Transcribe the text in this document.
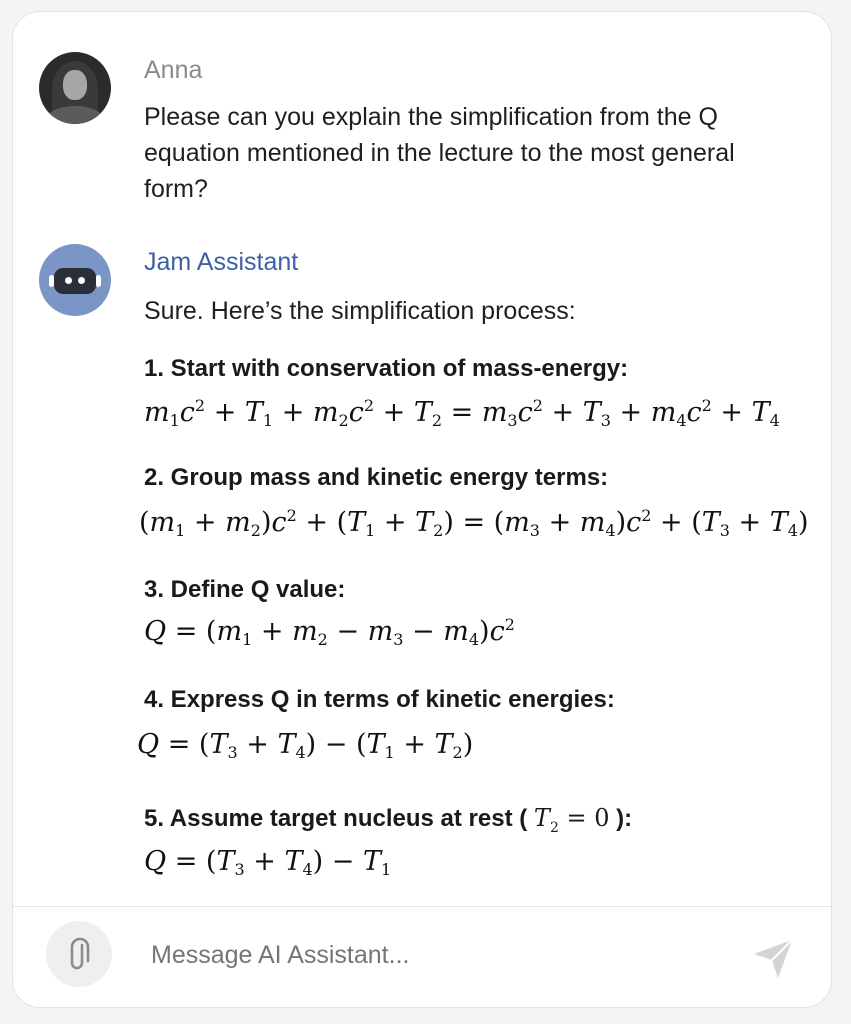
Anna
Please can you explain the simplification from the Q equation mentioned in the lecture to the most general form?
Jam Assistant
Sure. Here’s the simplification process:
1. Start with conservation of mass-energy:
$m_1c^2 + T_1 + m_2c^2 + T_2 = m_3c^2 + T_3 + m_4c^2 + T_4$
2. Group mass and kinetic energy terms:
$(m_1 + m_2)c^2 + (T_1 + T_2) = (m_3 + m_4)c^2 + (T_3 + T_4)$
3. Define Q value:
$Q = (m_1 + m_2 - m_3 - m_4)c^2$
4. Express Q in terms of kinetic energies:
$Q = (T_3 + T_4) - (T_1 + T_2)$
5. Assume target nucleus at rest ( $T_2 = 0$ ):
$Q = (T_3 + T_4) - T_1$
Message AI Assistant...
